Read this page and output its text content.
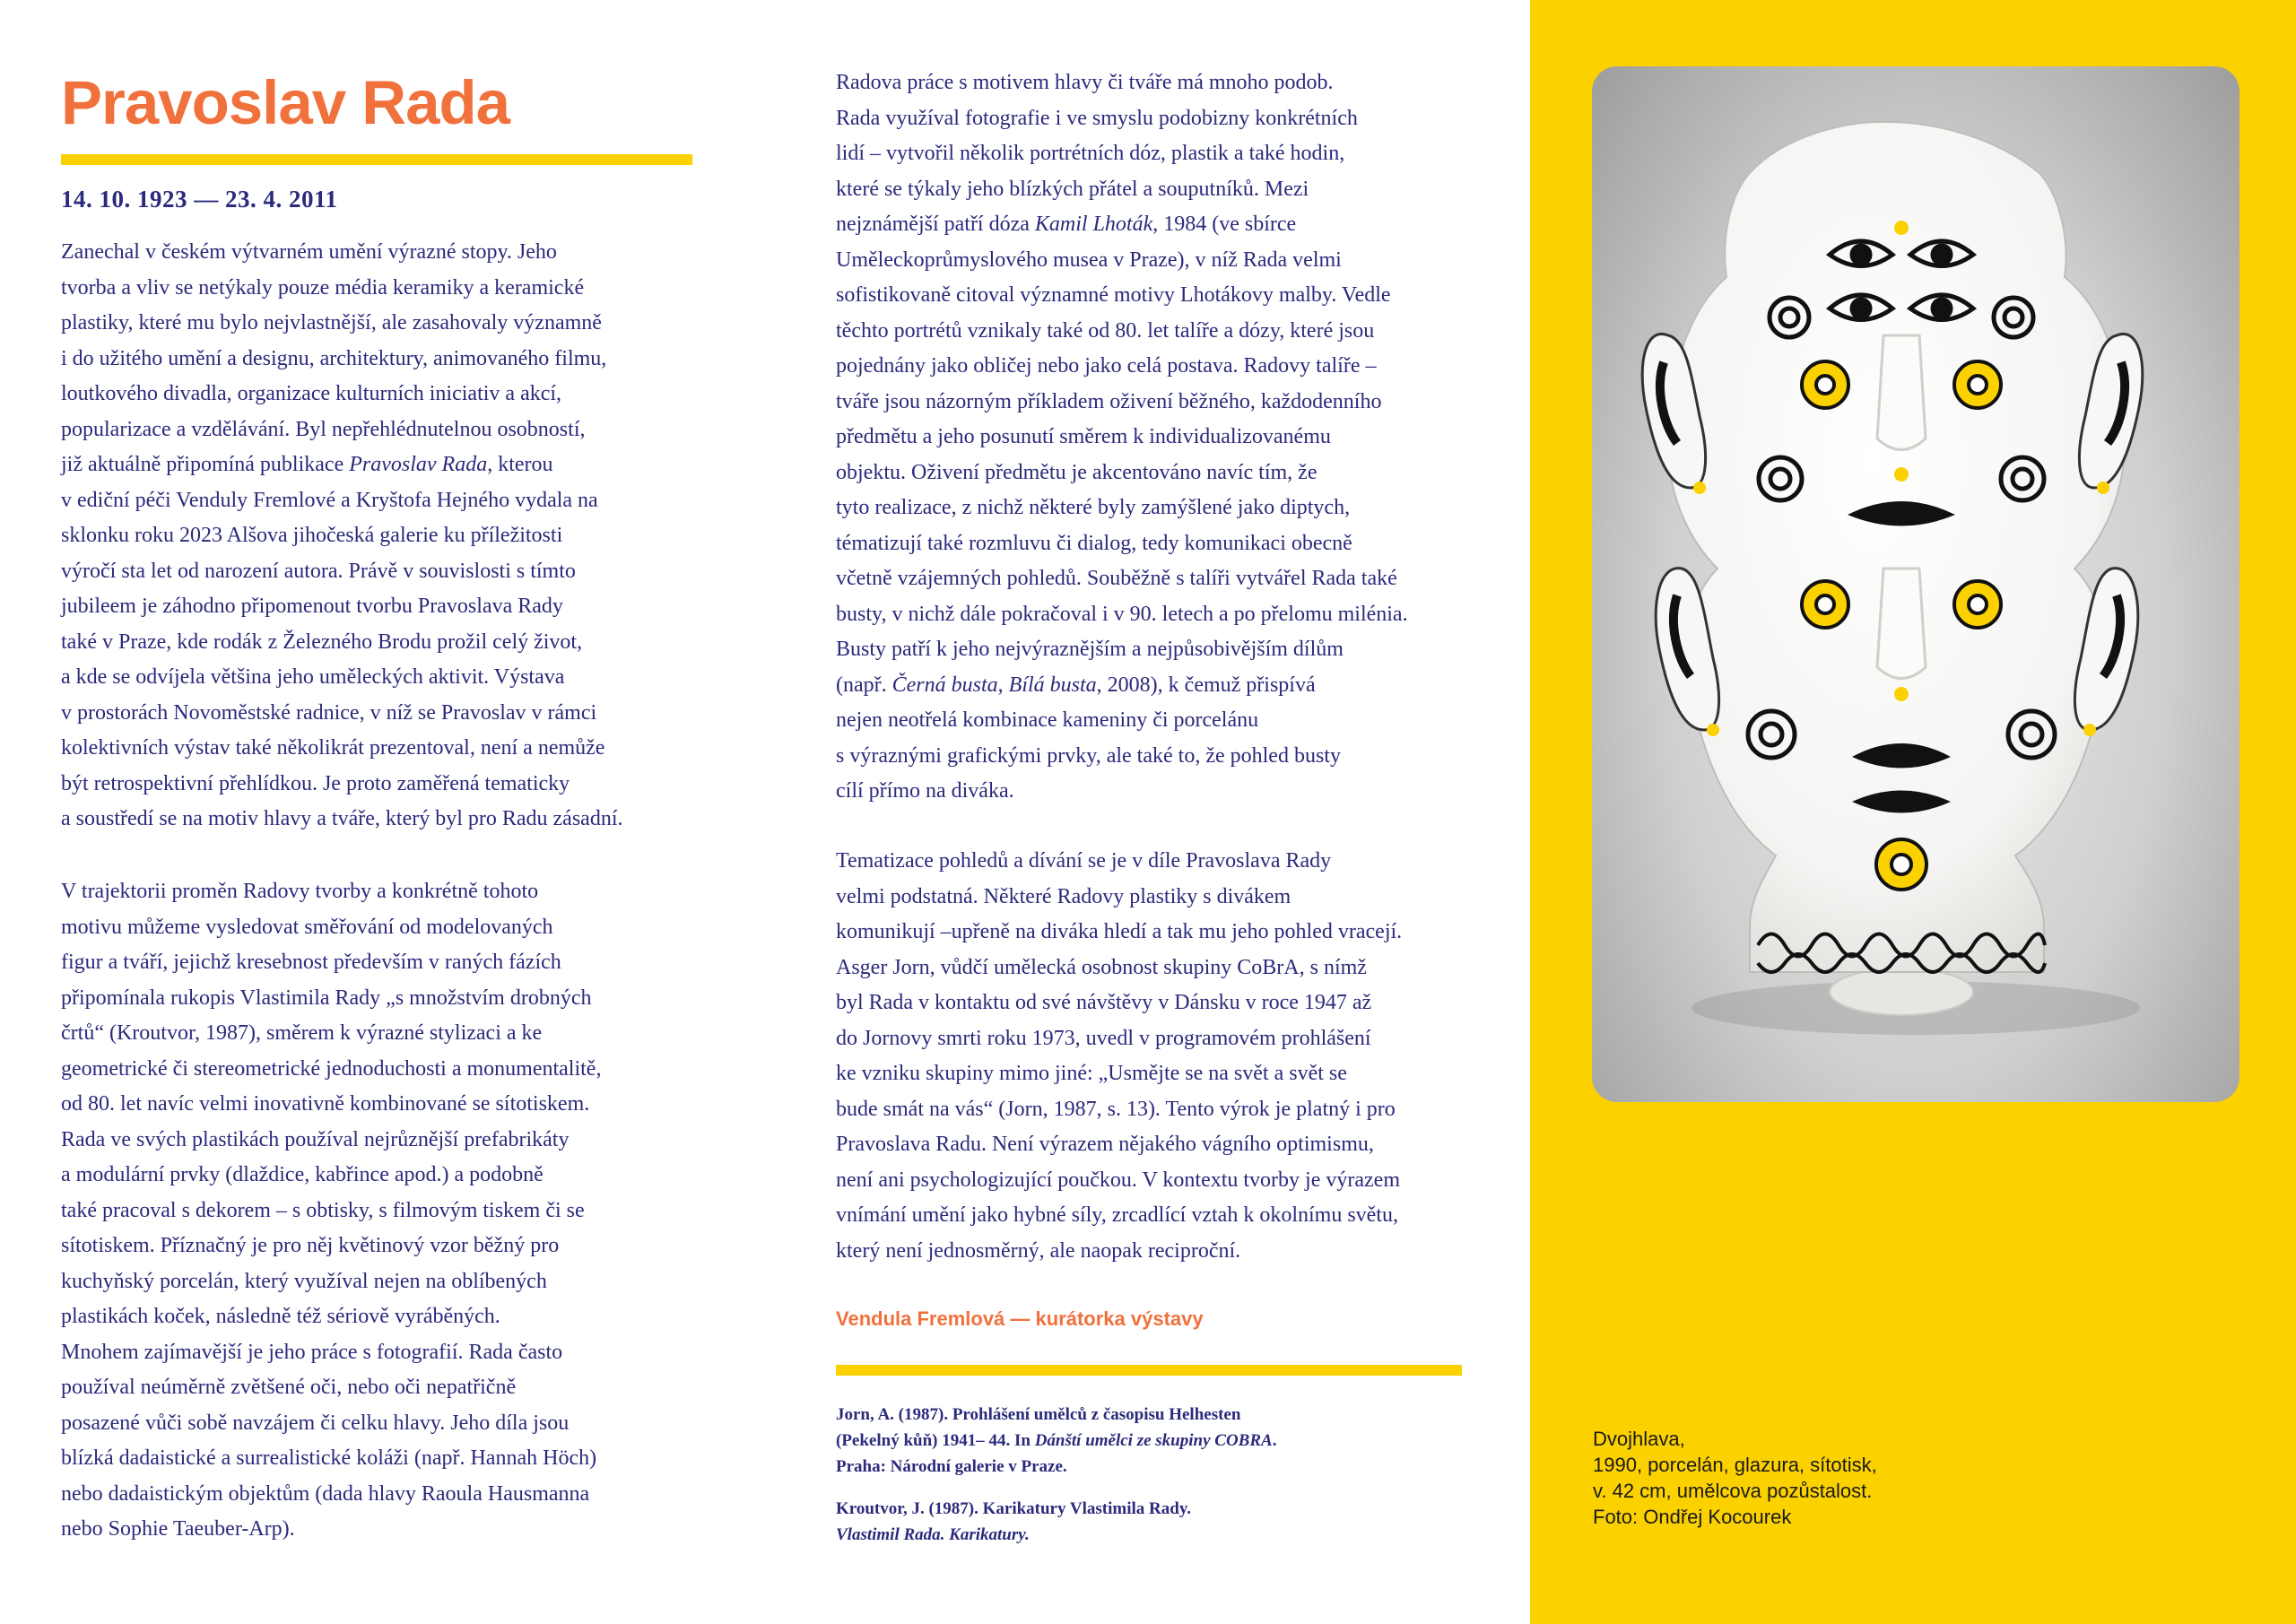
Pravoslav Rada
14. 10. 1923 — 23. 4. 2011
Zanechal v českém výtvarném umění výrazné stopy. Jeho
tvorba a vliv se netýkaly pouze média keramiky a keramické
plastiky, které mu bylo nejvlastnější, ale zasahovaly významně
i do užitého umění a designu, architektury, animovaného filmu,
loutkového divadla, organizace kulturních iniciativ a akcí,
popularizace a vzdělávání. Byl nepřehlédnutelnou osobností,
již aktuálně připomíná publikace Pravoslav Rada, kterou
v ediční péči Venduly Fremlové a Kryštofa Hejného vydala na
sklonku roku 2023 Alšova jihočeská galerie ku příležitosti
výročí sta let od narození autora. Právě v souvislosti s tímto
jubileem je záhodno připomenout tvorbu Pravoslava Rady
také v Praze, kde rodák z Železného Brodu prožil celý život,
a kde se odvíjela většina jeho uměleckých aktivit. Výstava
v prostorách Novoměstské radnice, v níž se Pravoslav v rámci
kolektivních výstav také několikrát prezentoval, není a nemůže
být retrospektivní přehlídkou. Je proto zaměřená tematicky
a soustředí se na motiv hlavy a tváře, který byl pro Radu zásadní.
V trajektorii proměn Radovy tvorby a konkrétně tohoto
motivu můžeme vysledovat směřování od modelovaných
figur a tváří, jejichž kresebnost především v raných fázích
připomínala rukopis Vlastimila Rady „s množstvím drobných
črtů“ (Kroutvor, 1987), směrem k výrazné stylizaci a ke
geometrické či stereometrické jednoduchosti a monumentalitě,
od 80. let navíc velmi inovativně kombinované se sítotiskem.
Rada ve svých plastikách používal nejrůznější prefabrikáty
a modulární prvky (dlaždice, kabřince apod.) a podobně
také pracoval s dekorem – s obtisky, s filmovým tiskem či se
sítotiskem. Příznačný je pro něj květinový vzor běžný pro
kuchyňský porcelán, který využíval nejen na oblíbených
plastikách koček, následně též sériově vyráběných.
Mnohem zajímavější je jeho práce s fotografií. Rada často
používal neúměrně zvětšené oči, nebo oči nepatřičně
posazené vůči sobě navzájem či celku hlavy. Jeho díla jsou
blízká dadaistické a surrealistické koláži (např. Hannah Höch)
nebo dadaistickým objektům (dada hlavy Raoula Hausmanna
nebo Sophie Taeuber-Arp).
Radova práce s motivem hlavy či tváře má mnoho podob.
Rada využíval fotografie i ve smyslu podobizny konkrétních
lidí – vytvořil několik portrétních dóz, plastik a také hodin,
které se týkaly jeho blízkých přátel a souputníků. Mezi
nejznámější patří dóza Kamil Lhoták, 1984 (ve sbírce
Uměleckoprůmyslového musea v Praze), v níž Rada velmi
sofistikovaně citoval významné motivy Lhotákovy malby. Vedle
těchto portrétů vznikaly také od 80. let talíře a dózy, které jsou
pojednány jako obličej nebo jako celá postava. Radovy talíře –
tváře jsou názorným příkladem oživení běžného, každodenního
předmětu a jeho posunutí směrem k individualizovanému
objektu. Oživení předmětu je akcentováno navíc tím, že
tyto realizace, z nichž některé byly zamýšlené jako diptych,
tématizují také rozmluvu či dialog, tedy komunikaci obecně
včetně vzájemných pohledů. Souběžně s talíři vytvářel Rada také
busty, v nichž dále pokračoval i v 90. letech a po přelomu milénia.
Busty patří k jeho nejvýraznějším a nejpůsobivějším dílům
(např. Černá busta, Bílá busta, 2008), k čemuž přispívá
nejen neotřelá kombinace kameniny či porcelánu
s výraznými grafickými prvky, ale také to, že pohled busty
cílí přímo na diváka.
Tematizace pohledů a dívání se je v díle Pravoslava Rady
velmi podstatná. Některé Radovy plastiky s divákem
komunikují –upřeně na diváka hledí a tak mu jeho pohled vracejí.
Asger Jorn, vůdčí umělecká osobnost skupiny CoBrA, s nímž
byl Rada v kontaktu od své návštěvy v Dánsku v roce 1947 až
do Jornovy smrti roku 1973, uvedl v programovém prohlášení
ke vzniku skupiny mimo jiné: „Usmějte se na svět a svět se
bude smát na vás“ (Jorn, 1987, s. 13). Tento výrok je platný i pro
Pravoslava Radu. Není výrazem nějakého vágního optimismu,
není ani psychologizující poučkou. V kontextu tvorby je výrazem
vnímání umění jako hybné síly, zrcadlící vztah k okolnímu světu,
který není jednosměrný, ale naopak reciproční.
Vendula Fremlová — kurátorka výstavy
Jorn, A. (1987). Prohlášení umělců z časopisu Helhesten
(Pekelný kůň) 1941– 44. In Dánští umělci ze skupiny COBRA.
Praha: Národní galerie v Praze.
Kroutvor, J. (1987). Karikatury Vlastimila Rady.
Vlastimil Rada. Karikatury.
Dvojhlava,
1990, porcelán, glazura, sítotisk,
v. 42 cm, umělcova pozůstalost.
Foto: Ondřej Kocourek
